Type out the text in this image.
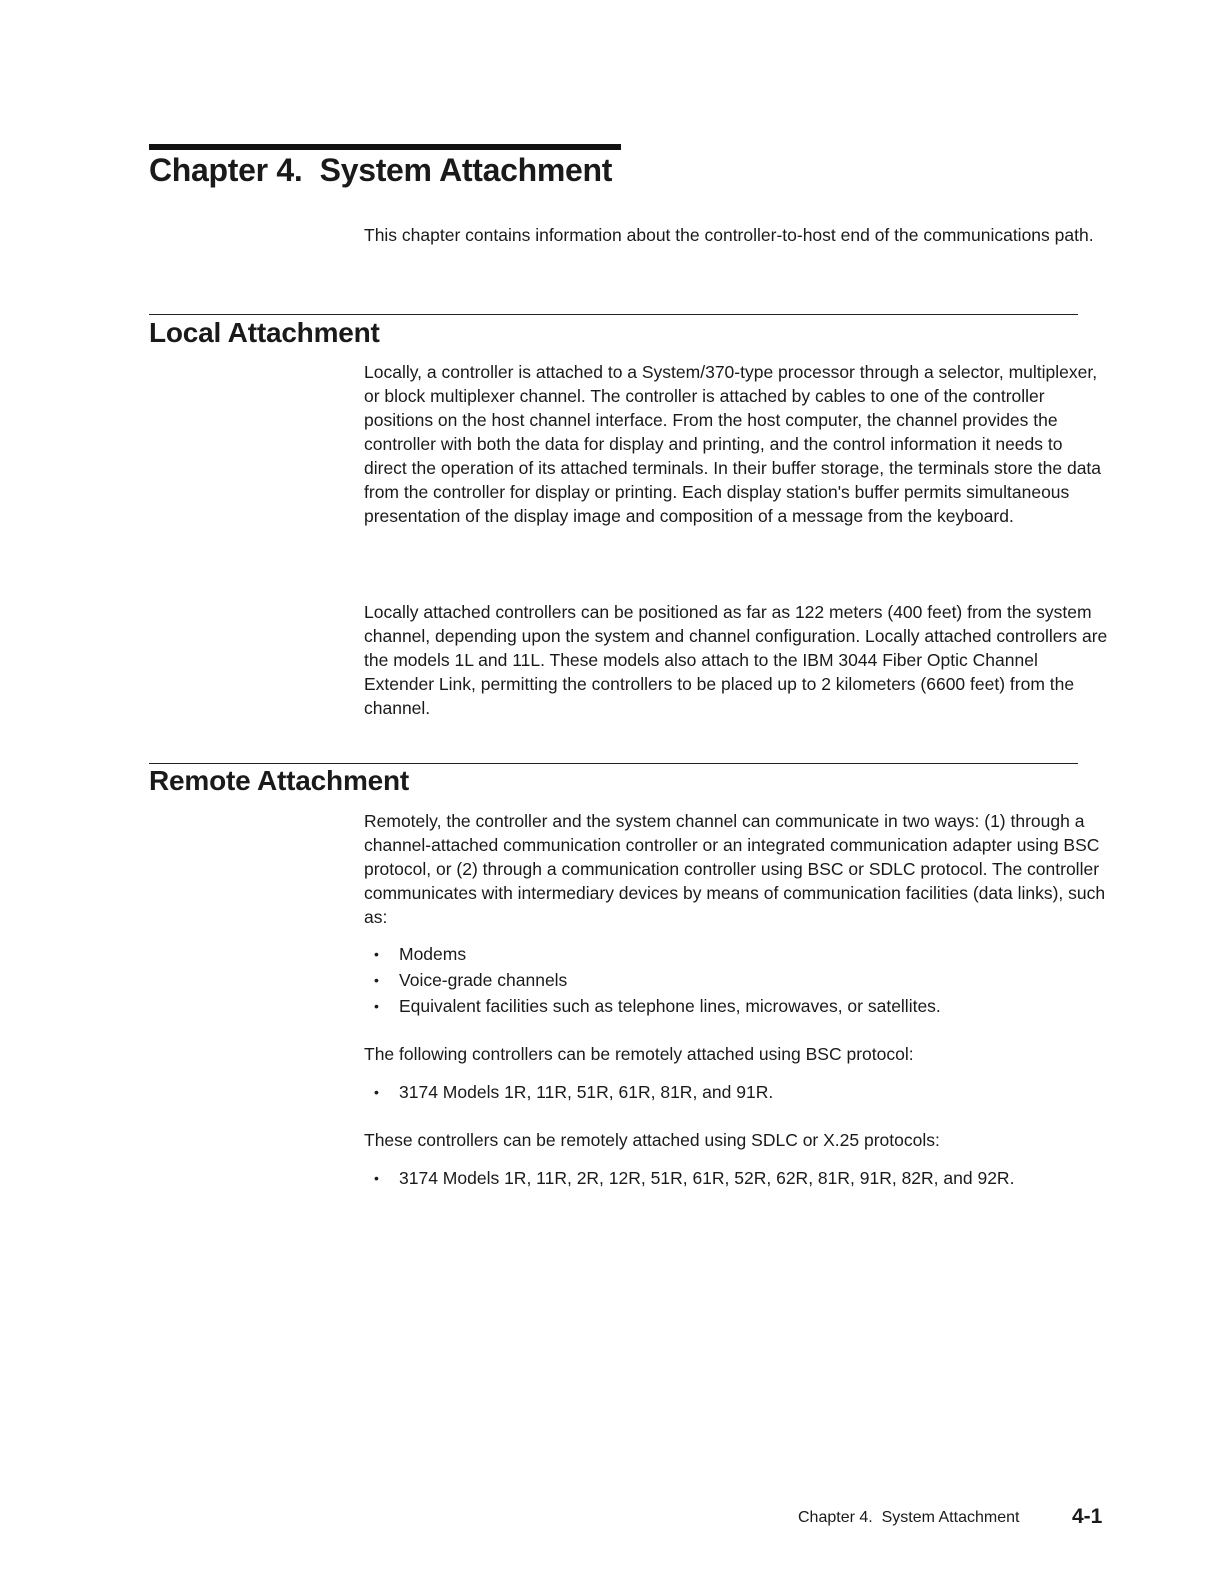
Chapter 4.  System Attachment

This chapter contains information about the controller-to-host end of the communications path.

Local Attachment

Locally, a controller is attached to a System/370-type processor through a selector, multiplexer, or block multiplexer channel. The controller is attached by cables to one of the controller positions on the host channel interface. From the host computer, the channel provides the controller with both the data for display and printing, and the control information it needs to direct the operation of its attached terminals. In their buffer storage, the terminals store the data from the controller for display or printing. Each display station's buffer permits simultaneous presentation of the display image and composition of a message from the keyboard.

Locally attached controllers can be positioned as far as 122 meters (400 feet) from the system channel, depending upon the system and channel configuration. Locally attached controllers are the models 1L and 11L. These models also attach to the IBM 3044 Fiber Optic Channel Extender Link, permitting the controllers to be placed up to 2 kilometers (6600 feet) from the channel.

Remote Attachment

Remotely, the controller and the system channel can communicate in two ways: (1) through a channel-attached communication controller or an integrated communication adapter using BSC protocol, or (2) through a communication controller using BSC or SDLC protocol. The controller communicates with intermediary devices by means of communication facilities (data links), such as:

• Modems
• Voice-grade channels
• Equivalent facilities such as telephone lines, microwaves, or satellites.

The following controllers can be remotely attached using BSC protocol:

• 3174 Models 1R, 11R, 51R, 61R, 81R, and 91R.

These controllers can be remotely attached using SDLC or X.25 protocols:

• 3174 Models 1R, 11R, 2R, 12R, 51R, 61R, 52R, 62R, 81R, 91R, 82R, and 92R.
Chapter 4.  System Attachment	4-1
